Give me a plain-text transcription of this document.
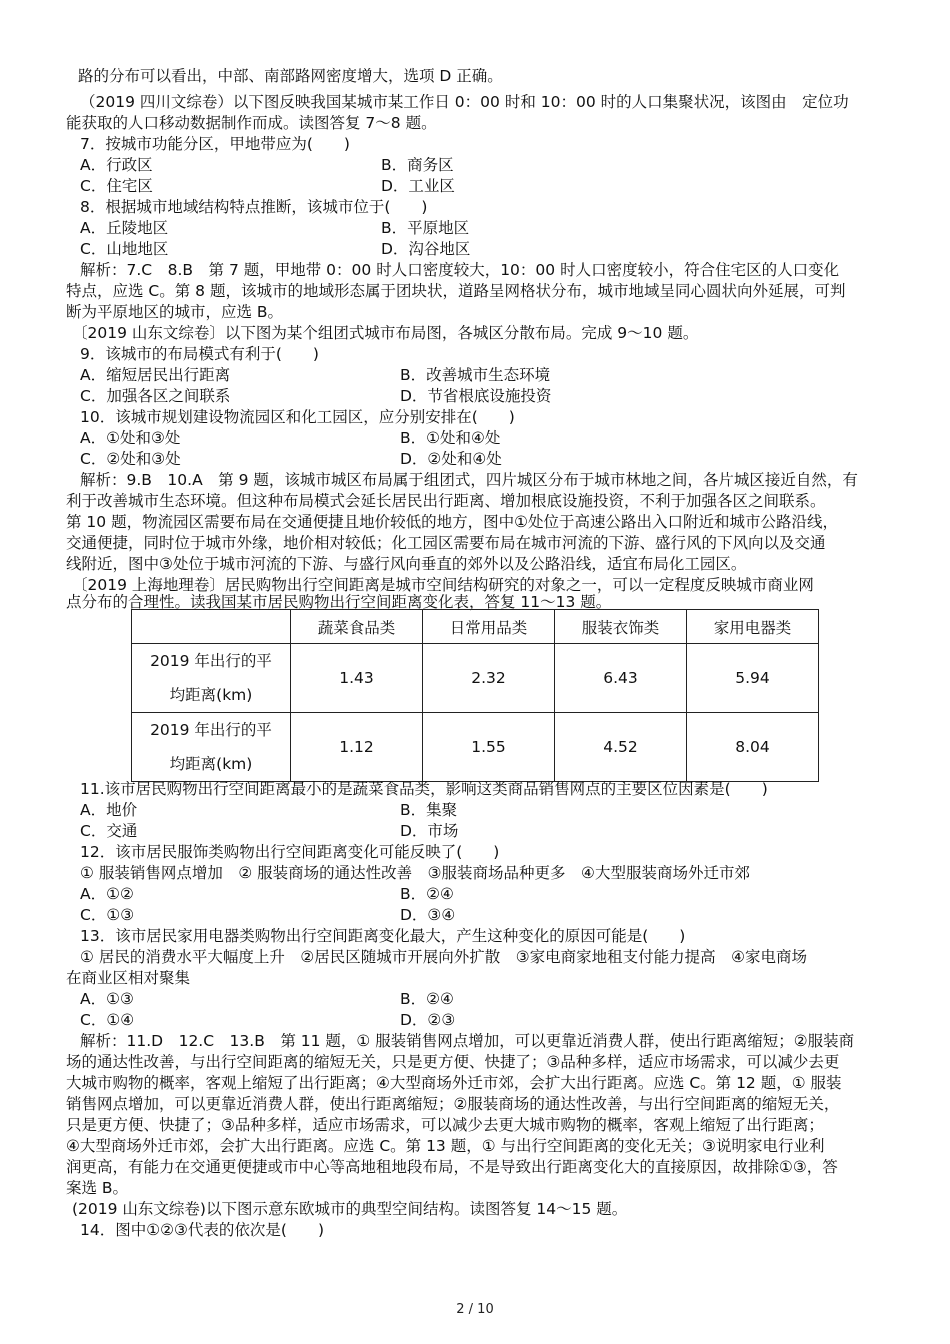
路的分布可以看出，中部、南部路网密度增大，选项 D 正确。
（2019 四川文综卷）以下图反映我国某城市某工作日 0：00 时和 10：00 时的人口集聚状况，该图由　定位功
能获取的人口移动数据制作而成。读图答复 7～8 题。
7．按城市功能分区，甲地带应为(　　)
A．行政区	B．商务区
C．住宅区	D．工业区
8．根据城市地域结构特点推断，该城市位于(　　)
A．丘陵地区	B．平原地区
C．山地地区	D．沟谷地区
解析：7.C　8.B　第 7 题，甲地带 0：00 时人口密度较大，10：00 时人口密度较小，符合住宅区的人口变化
特点，应选 C。第 8 题，该城市的地域形态属于团块状，道路呈网格状分布，城市地域呈同心圆状向外延展，可判
断为平原地区的城市，应选 B。
〔2019 山东文综卷〕以下图为某个组团式城市布局图，各城区分散布局。完成 9～10 题。
9．该城市的布局模式有利于(　　)
A．缩短居民出行距离	B．改善城市生态环境
C．加强各区之间联系	D．节省根底设施投资
10．该城市规划建设物流园区和化工园区，应分别安排在(　　)
A．①处和③处	B．①处和④处
C．②处和③处	D．②处和④处
解析：9.B　10.A　第 9 题，该城市城区布局属于组团式，四片城区分布于城市林地之间，各片城区接近自然，有
利于改善城市生态环境。但这种布局模式会延长居民出行距离、增加根底设施投资，不利于加强各区之间联系。
第 10 题，物流园区需要布局在交通便捷且地价较低的地方，图中①处位于高速公路出入口附近和城市公路沿线，
交通便捷，同时位于城市外缘，地价相对较低；化工园区需要布局在城市河流的下游、盛行风的下风向以及交通
线附近，图中③处位于城市河流的下游、与盛行风向垂直的郊外以及公路沿线，适宜布局化工园区。
〔2019 上海地理卷〕居民购物出行空间距离是城市空间结构研究的对象之一，可以一定程度反映城市商业网
点分布的合理性。读我国某市居民购物出行空间距离变化表，答复 11～13 题。
	蔬菜食品类	日常用品类	服装衣饰类	家用电器类

2019 年出行的平
均距离(km)	1.43	2.32	6.43	5.94

2019 年出行的平
均距离(km)	1.12	1.55	4.52	8.04
11.该市居民购物出行空间距离最小的是蔬菜食品类，影响这类商品销售网点的主要区位因素是(　　)
A．地价	B．集聚
C．交通	D．市场
12．该市居民服饰类购物出行空间距离变化可能反映了(　　)
① 服装销售网点增加　② 服装商场的通达性改善　③服装商场品种更多　④大型服装商场外迁市郊
A．①②	B．②④
C．①③	D．③④
13．该市居民家用电器类购物出行空间距离变化最大，产生这种变化的原因可能是(　　)
① 居民的消费水平大幅度上升　②居民区随城市开展向外扩散　③家电商家地租支付能力提高　④家电商场
在商业区相对聚集
A．①③	B．②④
C．①④	D．②③
解析：11.D　12.C　13.B　第 11 题，① 服装销售网点增加，可以更靠近消费人群，使出行距离缩短；②服装商
场的通达性改善，与出行空间距离的缩短无关，只是更方便、快捷了；③品种多样，适应市场需求，可以减少去更
大城市购物的概率，客观上缩短了出行距离；④大型商场外迁市郊，会扩大出行距离。应选 C。第 12 题，① 服装
销售网点增加，可以更靠近消费人群，使出行距离缩短；②服装商场的通达性改善，与出行空间距离的缩短无关，
只是更方便、快捷了；③品种多样，适应市场需求，可以减少去更大城市购物的概率，客观上缩短了出行距离；
④大型商场外迁市郊，会扩大出行距离。应选 C。第 13 题，① 与出行空间距离的变化无关；③说明家电行业利
润更高，有能力在交通更便捷或市中心等高地租地段布局，不是导致出行距离变化大的直接原因，故排除①③，答
案选 B。
(2019 山东文综卷)以下图示意东欧城市的典型空间结构。读图答复 14～15 题。
14．图中①②③代表的依次是(　　)
2 / 10
